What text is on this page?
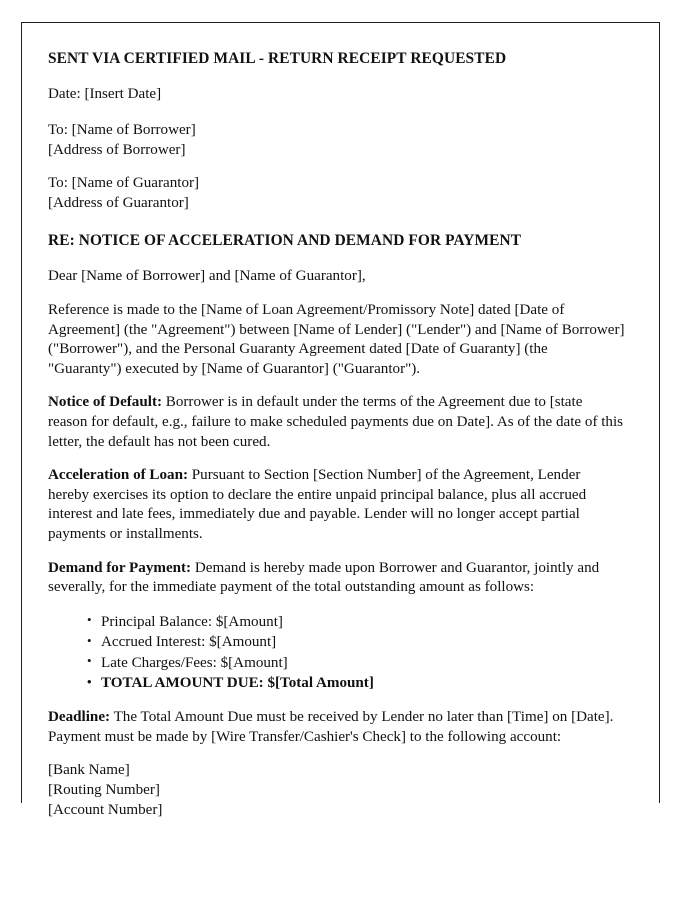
SENT VIA CERTIFIED MAIL - RETURN RECEIPT REQUESTED

Date: [Insert Date]

To: [Name of Borrower]
[Address of Borrower]
To: [Name of Guarantor]
[Address of Guarantor]

RE: NOTICE OF ACCELERATION AND DEMAND FOR PAYMENT

Dear [Name of Borrower] and [Name of Guarantor],

Reference is made to the [Name of Loan Agreement/Promissory Note] dated [Date of Agreement] (the "Agreement") between [Name of Lender] ("Lender") and [Name of Borrower] ("Borrower"), and the Personal Guaranty Agreement dated [Date of Guaranty] (the "Guaranty") executed by [Name of Guarantor] ("Guarantor").

Notice of Default: Borrower is in default under the terms of the Agreement due to [state reason for default, e.g., failure to make scheduled payments due on Date]. As of the date of this letter, the default has not been cured.

Acceleration of Loan: Pursuant to Section [Section Number] of the Agreement, Lender hereby exercises its option to declare the entire unpaid principal balance, plus all accrued interest and late fees, immediately due and payable. Lender will no longer accept partial payments or installments.

Demand for Payment: Demand is hereby made upon Borrower and Guarantor, jointly and severally, for the immediate payment of the total outstanding amount as follows:

• Principal Balance: $[Amount]
• Accrued Interest: $[Amount]
• Late Charges/Fees: $[Amount]
• TOTAL AMOUNT DUE: $[Total Amount]

Deadline: The Total Amount Due must be received by Lender no later than [Time] on [Date]. Payment must be made by [Wire Transfer/Cashier's Check] to the following account:

[Bank Name]
[Routing Number]
[Account Number]
